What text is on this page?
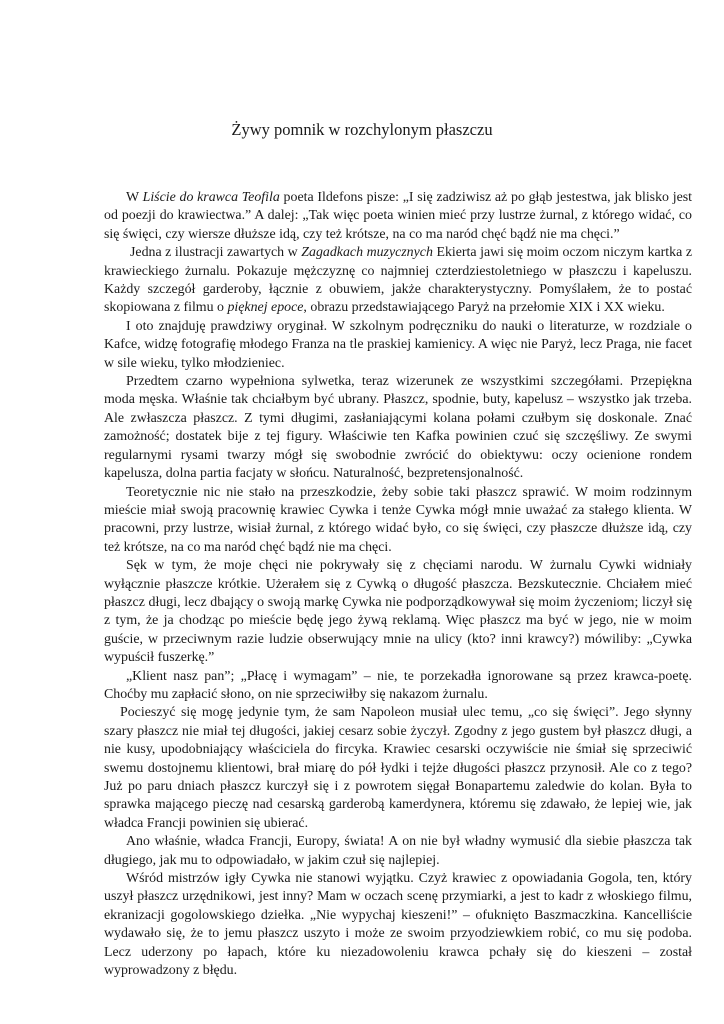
Żywy pomnik w rozchylonym płaszczu

W Liście do krawca Teofila poeta Ildefons pisze: „I się zadziwisz aż po głąb jestestwa, jak blisko jest od poezji do krawiectwa.” A dalej: „Tak więc poeta winien mieć przy lustrze żurnal, z którego widać, co się święci, czy wiersze dłuższe idą, czy też krótsze, na co ma naród chęć bądź nie ma chęci.”

Jedna z ilustracji zawartych w Zagadkach muzycznych Ekierta jawi się moim oczom niczym kartka z krawieckiego żurnalu. Pokazuje mężczyznę co najmniej czterdziestoletniego w płaszczu i kapeluszu. Każdy szczegół garderoby, łącznie z obuwiem, jakże charakterystyczny. Pomyślałem, że to postać skopiowana z filmu o pięknej epoce, obrazu przedstawiającego Paryż na przełomie XIX i XX wieku.

I oto znajduję prawdziwy oryginał. W szkolnym podręczniku do nauki o literaturze, w rozdziale o Kafce, widzę fotografię młodego Franza na tle praskiej kamienicy. A więc nie Paryż, lecz Praga, nie facet w sile wieku, tylko młodzieniec.

Przedtem czarno wypełniona sylwetka, teraz wizerunek ze wszystkimi szczegółami. Przepiękna moda męska. Właśnie tak chciałbym być ubrany. Płaszcz, spodnie, buty, kapelusz – wszystko jak trzeba. Ale zwłaszcza płaszcz. Z tymi długimi, zasłaniającymi kolana połami czułbym się doskonale. Znać zamożność; dostatek bije z tej figury. Właściwie ten Kafka powinien czuć się szczęśliwy. Ze swymi regularnymi rysami twarzy mógł się swobodnie zwrócić do obiektywu: oczy ocienione rondem kapelusza, dolna partia facjaty w słońcu. Naturalność, bezpretensjonalność.

Teoretycznie nic nie stało na przeszkodzie, żeby sobie taki płaszcz sprawić. W moim rodzinnym mieście miał swoją pracownię krawiec Cywka i tenże Cywka mógł mnie uważać za stałego klienta. W pracowni, przy lustrze, wisiał żurnal, z którego widać było, co się święci, czy płaszcze dłuższe idą, czy też krótsze, na co ma naród chęć bądź nie ma chęci.

Sęk w tym, że moje chęci nie pokrywały się z chęciami narodu. W żurnalu Cywki widniały wyłącznie płaszcze krótkie. Użerałem się z Cywką o długość płaszcza. Bezskutecznie. Chciałem mieć płaszcz długi, lecz dbający o swoją markę Cywka nie podporządkowywał się moim życzeniom; liczył się z tym, że ja chodząc po mieście będę jego żywą reklamą. Więc płaszcz ma być w jego, nie w moim guście, w przeciwnym razie ludzie obserwujący mnie na ulicy (kto? inni krawcy?) mówiliby: „Cywka wypuścił fuszerkę.”

„Klient nasz pan”; „Płacę i wymagam” – nie, te porzekadła ignorowane są przez krawca-poetę. Choćby mu zapłacić słono, on nie sprzeciwiłby się nakazom żurnalu.

Pocieszyć się mogę jedynie tym, że sam Napoleon musiał ulec temu, „co się święci”. Jego słynny szary płaszcz nie miał tej długości, jakiej cesarz sobie życzył. Zgodny z jego gustem był płaszcz długi, a nie kusy, upodobniający właściciela do fircyka. Krawiec cesarski oczywiście nie śmiał się sprzeciwić swemu dostojnemu klientowi, brał miarę do pół łydki i tejże długości płaszcz przynosił. Ale co z tego? Już po paru dniach płaszcz kurczył się i z powrotem sięgał Bonapartemu zaledwie do kolan. Była to sprawka mającego pieczę nad cesarską garderobą kamerdynera, któremu się zdawało, że lepiej wie, jak władca Francji powinien się ubierać.

Ano właśnie, władca Francji, Europy, świata! A on nie był władny wymusić dla siebie płaszcza tak długiego, jak mu to odpowiadało, w jakim czuł się najlepiej.

Wśród mistrzów igły Cywka nie stanowi wyjątku. Czyż krawiec z opowiadania Gogola, ten, który uszył płaszcz urzędnikowi, jest inny? Mam w oczach scenę przymiarki, a jest to kadr z włoskiego filmu, ekranizacji gogolowskiego dziełka. „Nie wypychaj kieszeni!” – ofuknięto Baszmaczkina. Kancelliście wydawało się, że to jemu płaszcz uszyto i może ze swoim przyodziewkiem robić, co mu się podoba. Lecz uderzony po łapach, które ku niezadowoleniu krawca pchały się do kieszeni – został wyprowadzony z błędu.
